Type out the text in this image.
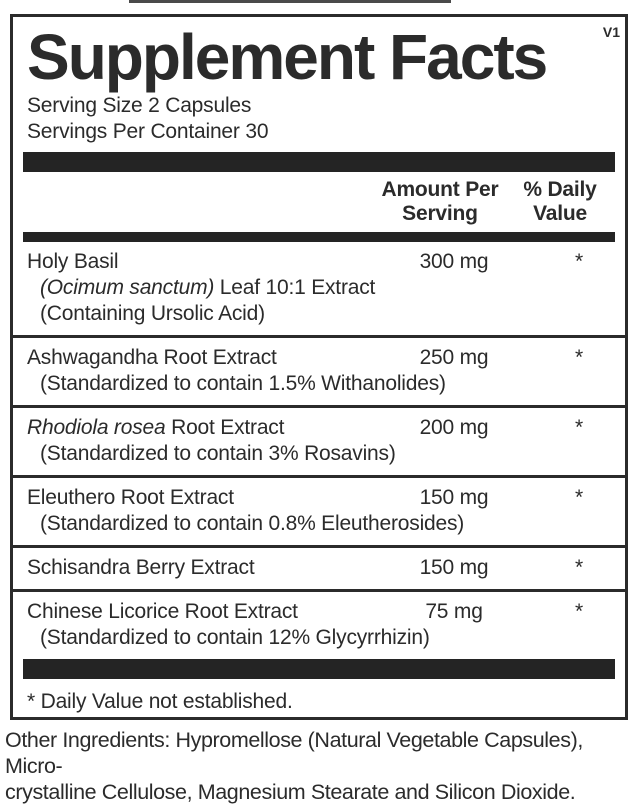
V1
Supplement Facts
Serving Size 2 Capsules
Servings Per Container 30
Amount Per
Serving
% Daily
Value
Holy Basil	300 mg	*
(Ocimum sanctum) Leaf 10:1 Extract
(Containing Ursolic Acid)
Ashwagandha Root Extract	250 mg	*
(Standardized to contain 1.5% Withanolides)
Rhodiola rosea Root Extract	200 mg	*
(Standardized to contain 3% Rosavins)
Eleuthero Root Extract	150 mg	*
(Standardized to contain 0.8% Eleutherosides)
Schisandra Berry Extract	150 mg	*
Chinese Licorice Root Extract	75 mg	*
(Standardized to contain 12% Glycyrrhizin)
* Daily Value not established.
Other Ingredients: Hypromellose (Natural Vegetable Capsules), Micro-
crystalline Cellulose, Magnesium Stearate and Silicon Dioxide.
